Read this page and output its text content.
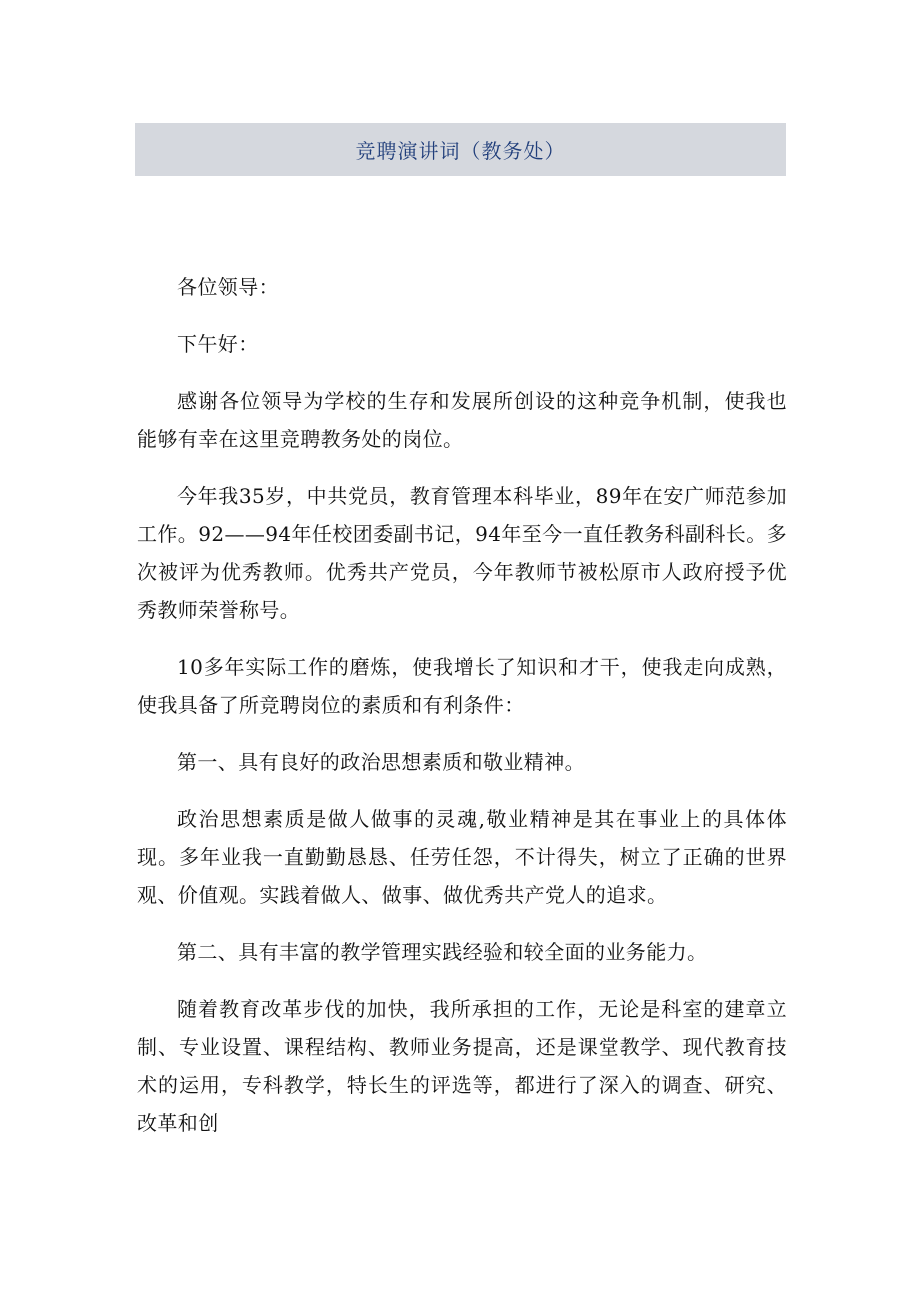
竞聘演讲词（教务处）

各位领导：

下午好：

感谢各位领导为学校的生存和发展所创设的这种竞争机制，使我也能够有幸在这里竞聘教务处的岗位。

今年我35岁，中共党员，教育管理本科毕业，89年在安广师范参加工作。92——94年任校团委副书记，94年至今一直任教务科副科长。多次被评为优秀教师。优秀共产党员，今年教师节被松原市人政府授予优秀教师荣誉称号。

10多年实际工作的磨炼，使我增长了知识和才干，使我走向成熟，使我具备了所竞聘岗位的素质和有利条件：

第一、具有良好的政治思想素质和敬业精神。

政治思想素质是做人做事的灵魂,敬业精神是其在事业上的具体体现。多年业我一直勤勤恳恳、任劳任怨，不计得失，树立了正确的世界观、价值观。实践着做人、做事、做优秀共产党人的追求。

第二、具有丰富的教学管理实践经验和较全面的业务能力。

随着教育改革步伐的加快，我所承担的工作，无论是科室的建章立制、专业设置、课程结构、教师业务提高，还是课堂教学、现代教育技术的运用，专科教学，特长生的评选等，都进行了深入的调查、研究、改革和创
